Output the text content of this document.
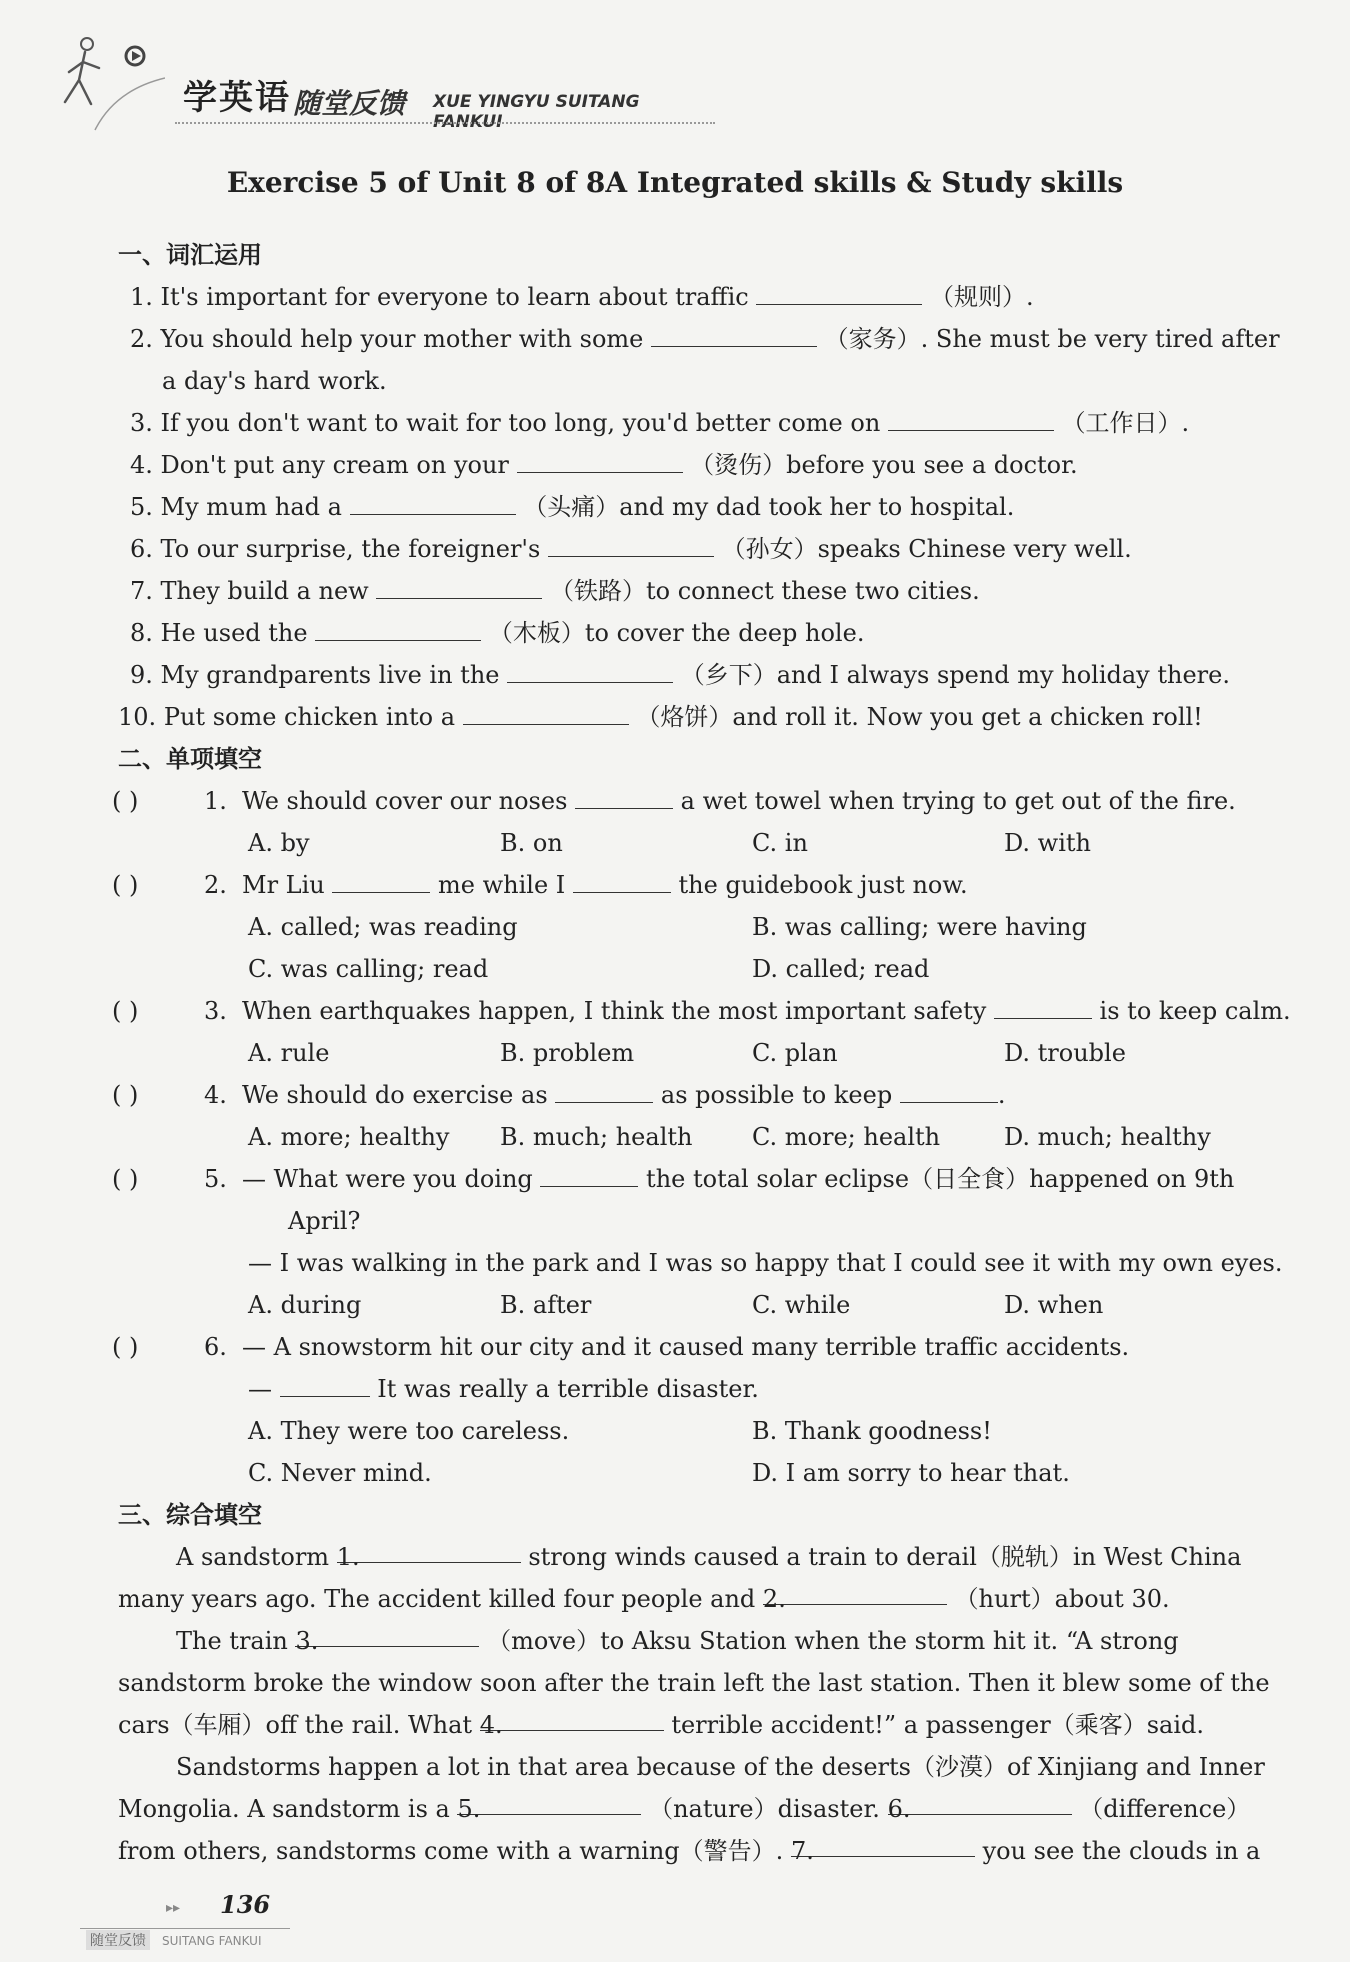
学英语 随堂反馈 XUE YINGYU SUITANG FANKUI
Exercise 5 of Unit 8 of 8A Integrated skills & Study skills
一、词汇运用
1. It's important for everyone to learn about traffic	（规则）.
2. You should help your mother with some	（家务）. She must be very tired after
a day's hard work.
3. If you don't want to wait for too long, you'd better come on	（工作日）.
4. Don't put any cream on your	（烫伤）before you see a doctor.
5. My mum had a	（头痛）and my dad took her to hospital.
6. To our surprise, the foreigner's	（孙女）speaks Chinese very well.
7. They build a new	（铁路）to connect these two cities.
8. He used the	（木板）to cover the deep hole.
9. My grandparents live in the	（乡下）and I always spend my holiday there.
10. Put some chicken into a	（烙饼）and roll it. Now you get a chicken roll!
二、单项填空
( )	1. We should cover our noses	a wet towel when trying to get out of the fire.
A. by	B. on	C. in	D. with
( )	2. Mr Liu	me while I	the guidebook just now.
A. called; was reading	B. was calling; were having
C. was calling; read	D. called; read
( )	3. When earthquakes happen, I think the most important safety	is to keep calm.
A. rule	B. problem	C. plan	D. trouble
( )	4. We should do exercise as	as possible to keep	.
A. more; healthy	B. much; health	C. more; health	D. much; healthy
( )	5. — What were you doing	the total solar eclipse（日全食）happened on 9th
April?
— I was walking in the park and I was so happy that I could see it with my own eyes.
A. during	B. after	C. while	D. when
( )	6. — A snowstorm hit our city and it caused many terrible traffic accidents.
—	It was really a terrible disaster.
A. They were too careless.	B. Thank goodness!
C. Never mind.	D. I am sorry to hear that.
三、综合填空
A sandstorm 1.	strong winds caused a train to derail（脱轨）in West China
many years ago. The accident killed four people and 2.	（hurt）about 30.
The train 3.	（move）to Aksu Station when the storm hit it. “A strong
sandstorm broke the window soon after the train left the last station. Then it blew some of the
cars（车厢）off the rail. What 4.	terrible accident!” a passenger（乘客）said.
Sandstorms happen a lot in that area because of the deserts（沙漠）of Xinjiang and Inner
Mongolia. A sandstorm is a 5.	（nature）disaster. 6.	（difference）
from others, sandstorms come with a warning（警告）. 7.	you see the clouds in a
▸▸ 136
随堂反馈	SUITANG FANKUI
